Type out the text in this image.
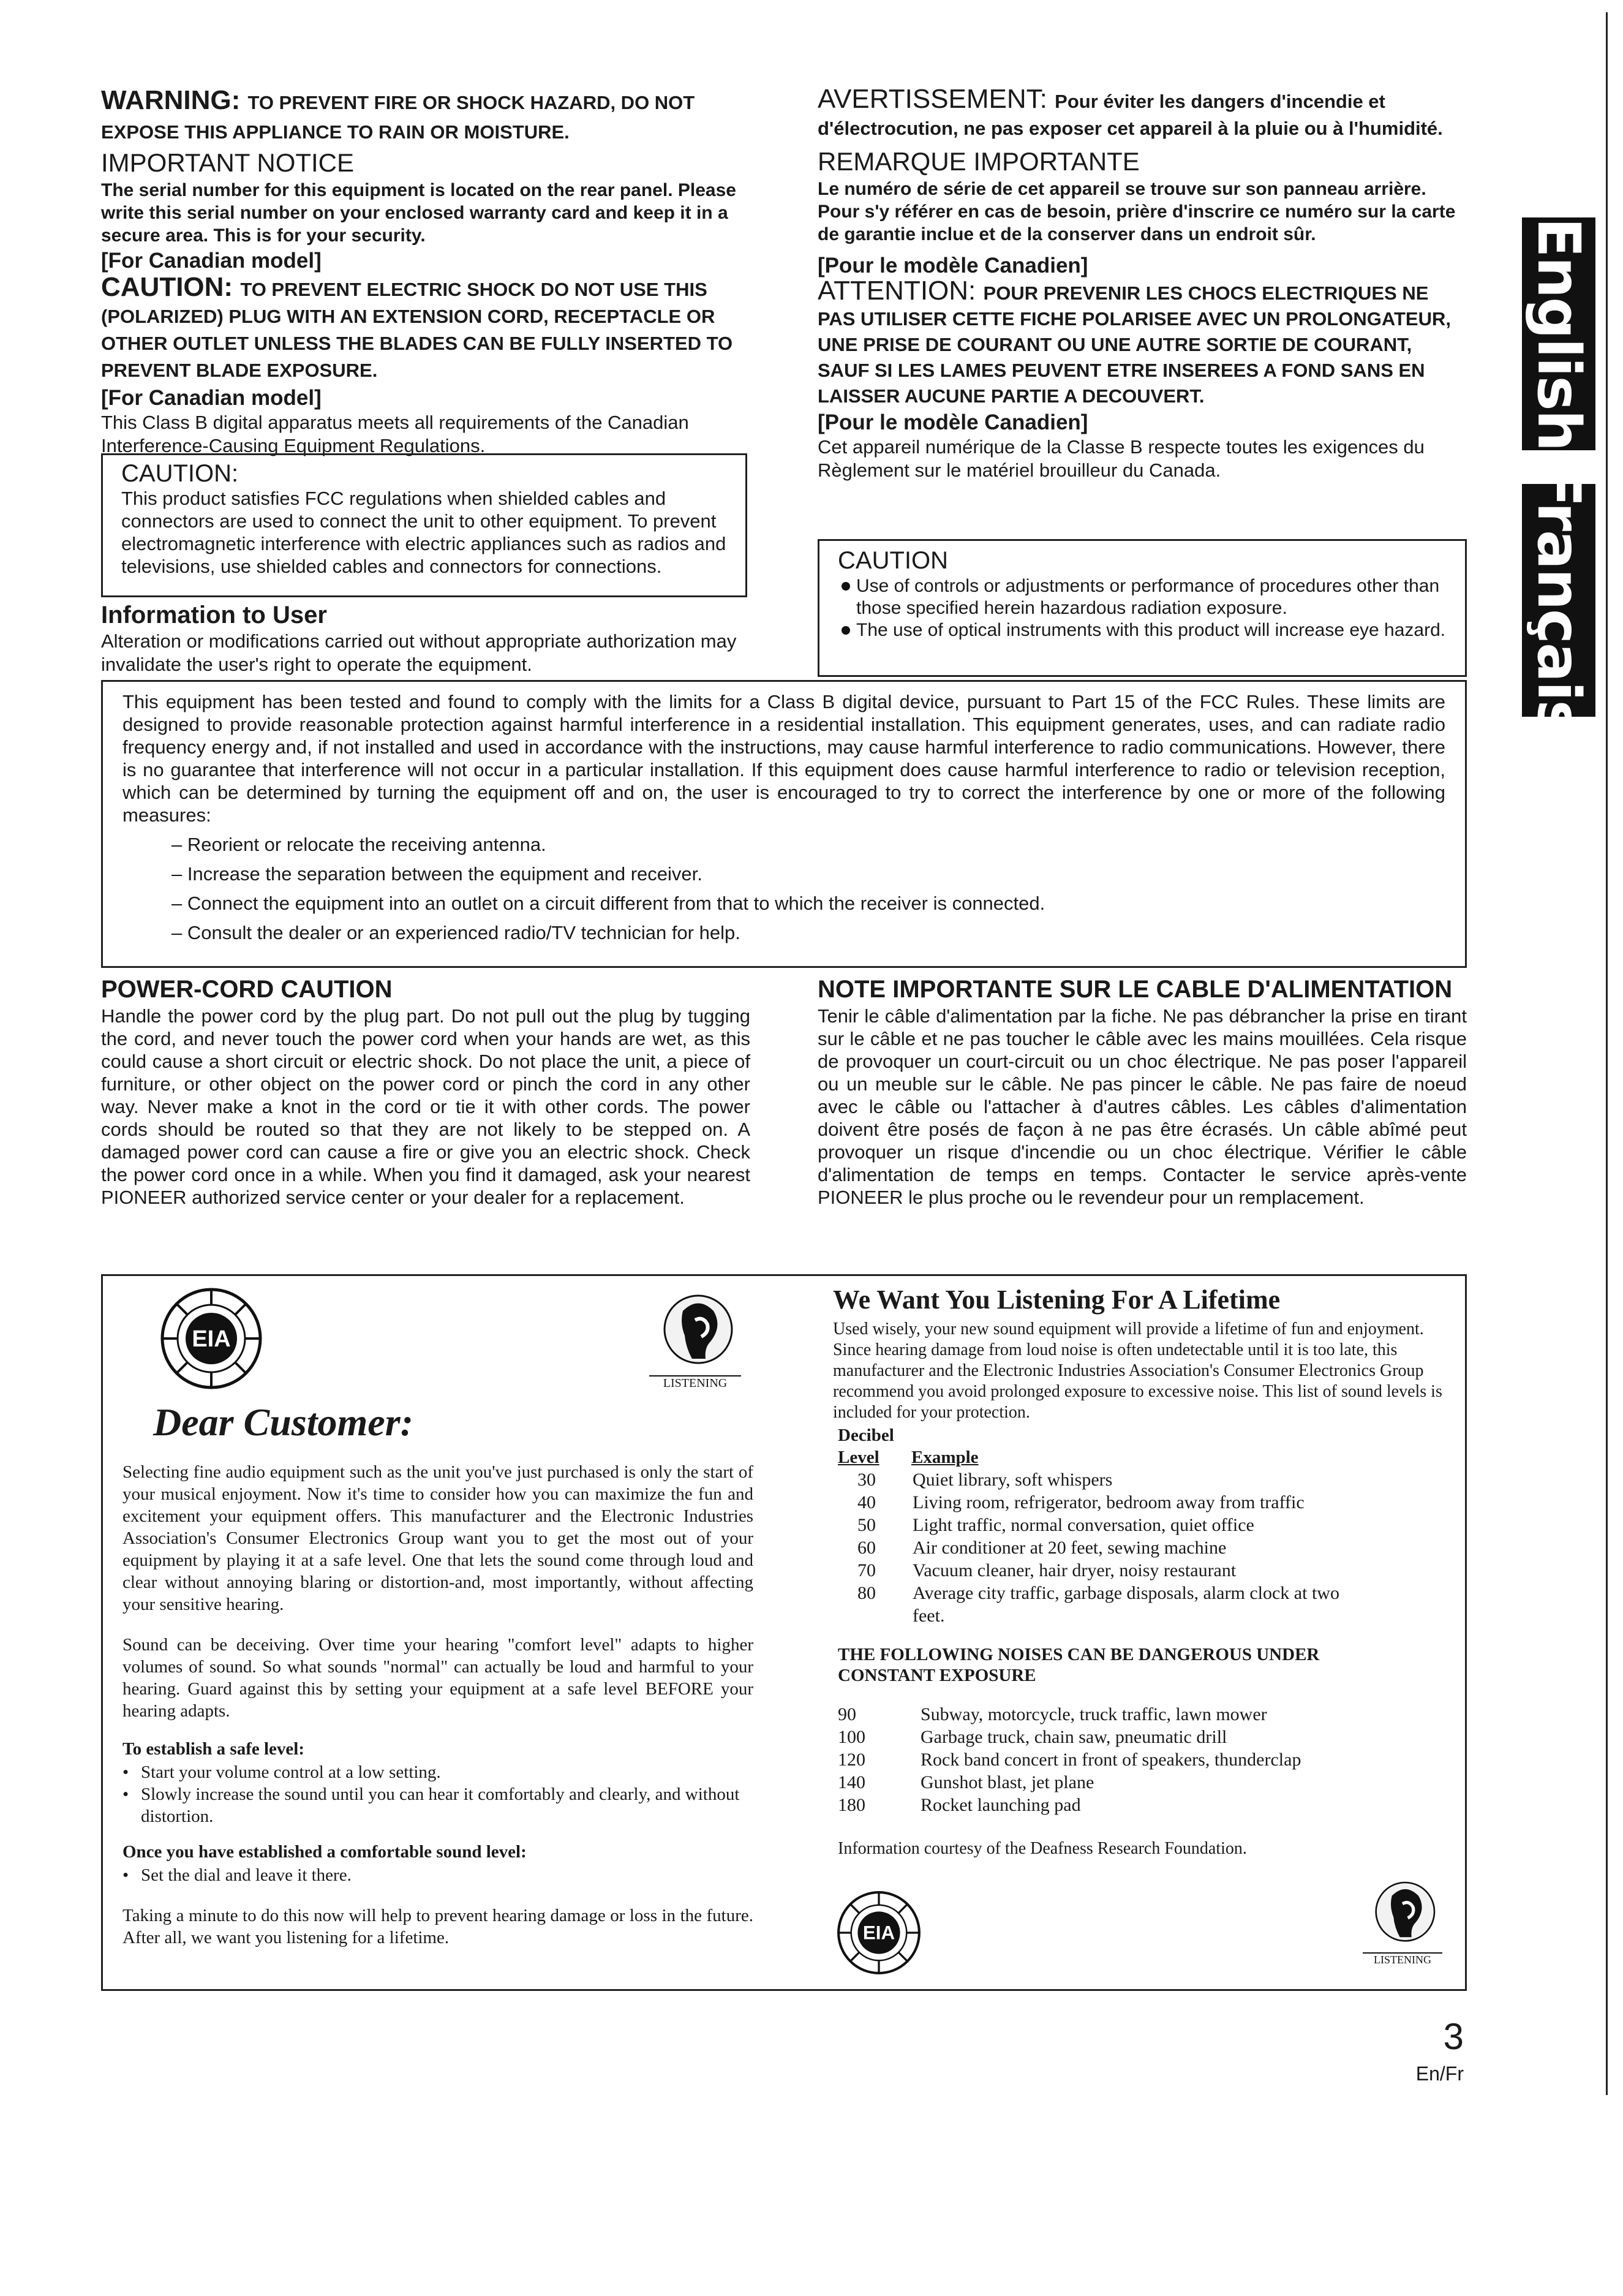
WARNING: TO PREVENT FIRE OR SHOCK HAZARD, DO NOT EXPOSE THIS APPLIANCE TO RAIN OR MOISTURE.

IMPORTANT NOTICE

The serial number for this equipment is located on the rear panel. Please write this serial number on your enclosed warranty card and keep it in a secure area. This is for your security.

[For Canadian model]

CAUTION: TO PREVENT ELECTRIC SHOCK DO NOT USE THIS (POLARIZED) PLUG WITH AN EXTENSION CORD, RECEPTACLE OR OTHER OUTLET UNLESS THE BLADES CAN BE FULLY INSERTED TO PREVENT BLADE EXPOSURE.

[For Canadian model]

This Class B digital apparatus meets all requirements of the Canadian Interference-Causing Equipment Regulations.

CAUTION:

This product satisfies FCC regulations when shielded cables and connectors are used to connect the unit to other equipment. To prevent electromagnetic interference with electric appliances such as radios and televisions, use shielded cables and connectors for connections.

Information to User

Alteration or modifications carried out without appropriate authorization may invalidate the user's right to operate the equipment.

AVERTISSEMENT: Pour éviter les dangers d'incendie et d'électrocution, ne pas exposer cet appareil à la pluie ou à l'humidité.

REMARQUE IMPORTANTE

Le numéro de série de cet appareil se trouve sur son panneau arrière. Pour s'y référer en cas de besoin, prière d'inscrire ce numéro sur la carte de garantie inclue et de la conserver dans un endroit sûr.

[Pour le modèle Canadien]

ATTENTION: POUR PREVENIR LES CHOCS ELECTRIQUES NE PAS UTILISER CETTE FICHE POLARISEE AVEC UN PROLONGATEUR, UNE PRISE DE COURANT OU UNE AUTRE SORTIE DE COURANT, SAUF SI LES LAMES PEUVENT ETRE INSEREES A FOND SANS EN LAISSER AUCUNE PARTIE A DECOUVERT.

[Pour le modèle Canadien]

Cet appareil numérique de la Classe B respecte toutes les exigences du Règlement sur le matériel brouilleur du Canada.

CAUTION

Use of controls or adjustments or performance of procedures other than those specified herein hazardous radiation exposure.
The use of optical instruments with this product will increase eye hazard.

This equipment has been tested and found to comply with the limits for a Class B digital device, pursuant to Part 15 of the FCC Rules. These limits are designed to provide reasonable protection against harmful interference in a residential installation. This equipment generates, uses, and can radiate radio frequency energy and, if not installed and used in accordance with the instructions, may cause harmful interference to radio communications. However, there is no guarantee that interference will not occur in a particular installation. If this equipment does cause harmful interference to radio or television reception, which can be determined by turning the equipment off and on, the user is encouraged to try to correct the interference by one or more of the following measures:

– Reorient or relocate the receiving antenna.
– Increase the separation between the equipment and receiver.
– Connect the equipment into an outlet on a circuit different from that to which the receiver is connected.
– Consult the dealer or an experienced radio/TV technician for help.

POWER-CORD CAUTION

Handle the power cord by the plug part. Do not pull out the plug by tugging the cord, and never touch the power cord when your hands are wet, as this could cause a short circuit or electric shock. Do not place the unit, a piece of furniture, or other object on the power cord or pinch the cord in any other way. Never make a knot in the cord or tie it with other cords. The power cords should be routed so that they are not likely to be stepped on. A damaged power cord can cause a fire or give you an electric shock. Check the power cord once in a while. When you find it damaged, ask your nearest PIONEER authorized service center or your dealer for a replacement.

NOTE IMPORTANTE SUR LE CABLE D'ALIMENTATION

Tenir le câble d'alimentation par la fiche. Ne pas débrancher la prise en tirant sur le câble et ne pas toucher le câble avec les mains mouillées. Cela risque de provoquer un court-circuit ou un choc électrique. Ne pas poser l'appareil ou un meuble sur le câble. Ne pas pincer le câble. Ne pas faire de noeud avec le câble ou l'attacher à d'autres câbles. Les câbles d'alimentation doivent être posés de façon à ne pas être écrasés. Un câble abîmé peut provoquer un risque d'incendie ou un choc électrique. Vérifier le câble d'alimentation de temps en temps. Contacter le service après-vente PIONEER le plus proche ou le revendeur pour un remplacement.

EIA
LISTENING

Dear Customer:

Selecting fine audio equipment such as the unit you've just purchased is only the start of your musical enjoyment. Now it's time to consider how you can maximize the fun and excitement your equipment offers. This manufacturer and the Electronic Industries Association's Consumer Electronics Group want you to get the most out of your equipment by playing it at a safe level. One that lets the sound come through loud and clear without annoying blaring or distortion-and, most importantly, without affecting your sensitive hearing.

Sound can be deceiving. Over time your hearing "comfort level" adapts to higher volumes of sound. So what sounds "normal" can actually be loud and harmful to your hearing. Guard against this by setting your equipment at a safe level BEFORE your hearing adapts.

To establish a safe level:

• Start your volume control at a low setting.
• Slowly increase the sound until you can hear it comfortably and clearly, and without distortion.

Once you have established a comfortable sound level:

• Set the dial and leave it there.

Taking a minute to do this now will help to prevent hearing damage or loss in the future. After all, we want you listening for a lifetime.

We Want You Listening For A Lifetime

Used wisely, your new sound equipment will provide a lifetime of fun and enjoyment. Since hearing damage from loud noise is often undetectable until it is too late, this manufacturer and the Electronic Industries Association's Consumer Electronics Group recommend you avoid prolonged exposure to excessive noise. This list of sound levels is included for your protection.

Decibel

Level	Example
30	Quiet library, soft whispers
40	Living room, refrigerator, bedroom away from traffic
50	Light traffic, normal conversation, quiet office
60	Air conditioner at 20 feet, sewing machine
70	Vacuum cleaner, hair dryer, noisy restaurant
80	Average city traffic, garbage disposals, alarm clock at two feet.

THE FOLLOWING NOISES CAN BE DANGEROUS UNDER CONSTANT EXPOSURE

90	Subway, motorcycle, truck traffic, lawn mower
100	Garbage truck, chain saw, pneumatic drill
120	Rock band concert in front of speakers, thunderclap
140	Gunshot blast, jet plane
180	Rocket launching pad

Information courtesy of the Deafness Research Foundation.

EIA
LISTENING
English
Français
3
En/Fr
